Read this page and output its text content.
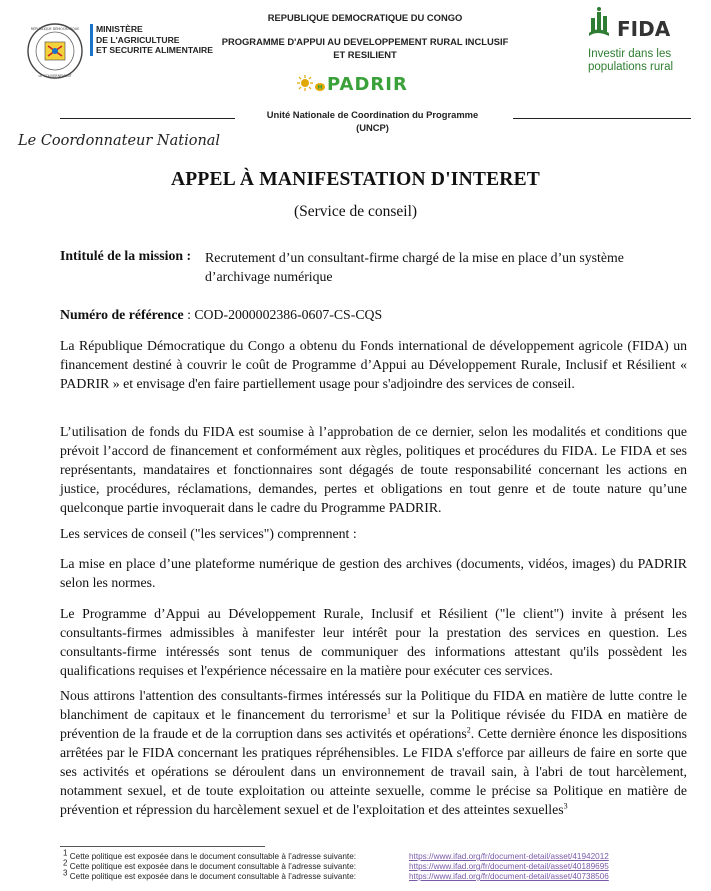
RÉPUBLIQUE DÉMOCRATIQUE
LE GOUVERNEMENT
MINISTÈRE
DE L'AGRICULTURE
ET SECURITE ALIMENTAIRE
REPUBLIQUE DEMOCRATIQUE DU CONGO
PROGRAMME D'APPUI AU DEVELOPPEMENT RURAL INCLUSIF
ET RESILIENT
M PADRIR
FIDA
Investir dans les
populations rural
Unité Nationale de Coordination du Programme
(UNCP)
Le Coordonnateur National
APPEL À MANIFESTATION D'INTERET
(Service de conseil)
Intitulé de la mission : Recrutement d’un consultant-firme chargé de la mise en place d’un système
d’archivage numérique
Numéro de référence : COD-2000002386-0607-CS-CQS
La République Démocratique du Congo a obtenu du Fonds international de développement agricole (FIDA) un financement destiné à couvrir le coût de Programme d’Appui au Développement Rurale, Inclusif et Résilient « PADRIR » et envisage d'en faire partiellement usage pour s'adjoindre des services de conseil.
L’utilisation de fonds du FIDA est soumise à l’approbation de ce dernier, selon les modalités et conditions que prévoit l’accord de financement et conformément aux règles, politiques et procédures du FIDA. Le FIDA et ses représentants, mandataires et fonctionnaires sont dégagés de toute responsabilité concernant les actions en justice, procédures, réclamations, demandes, pertes et obligations en tout genre et de toute nature qu’une quelconque partie invoquerait dans le cadre du Programme PADRIR.
Les services de conseil ("les services") comprennent :
La mise en place d’une plateforme numérique de gestion des archives (documents, vidéos, images) du PADRIR selon les normes.
Le Programme d’Appui au Développement Rurale, Inclusif et Résilient ("le client") invite à présent les consultants-firmes admissibles à manifester leur intérêt pour la prestation des services en question. Les consultants-firme intéressés sont tenus de communiquer des informations attestant qu'ils possèdent les qualifications requises et l'expérience nécessaire en la matière pour exécuter ces services.
Nous attirons l'attention des consultants-firmes intéressés sur la Politique du FIDA en matière de lutte contre le blanchiment de capitaux et le financement du terrorisme$^1$ et sur la Politique révisée du FIDA en matière de prévention de la fraude et de la corruption dans ses activités et opérations$^2$. Cette dernière énonce les dispositions arrêtées par le FIDA concernant les pratiques répréhensibles. Le FIDA s'efforce par ailleurs de faire en sorte que ses activités et opérations se déroulent dans un environnement de travail sain, à l'abri de tout harcèlement, notamment sexuel, et de toute exploitation ou atteinte sexuelle, comme le précise sa Politique en matière de prévention et répression du harcèlement sexuel et de l'exploitation et des atteintes sexuelles$^3$
$^1$ Cette politique est exposée dans le document consultable à l’adresse suivante:	https://www.ifad.org/fr/document-detail/asset/41942012
$^2$ Cette politique est exposée dans le document consultable à l’adresse suivante:	https://www.ifad.org/fr/document-detail/asset/40189695
$^3$ Cette politique est exposée dans le document consultable à l’adresse suivante:	https://www.ifad.org/fr/document-detail/asset/40738506
